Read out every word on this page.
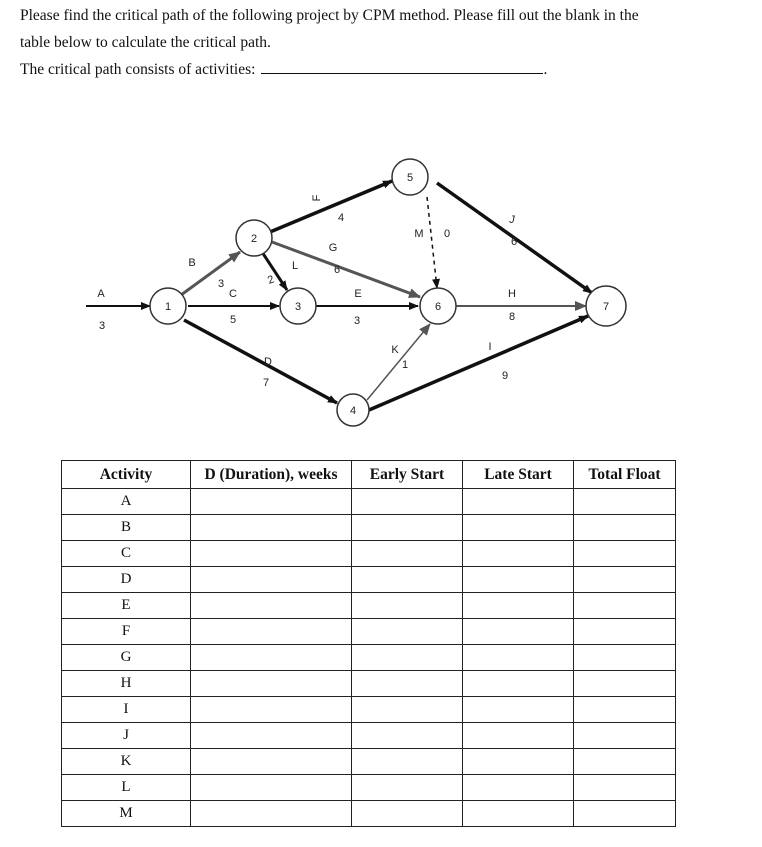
Please find the critical path of the following project by CPM method. Please fill out the blank in the

table below to calculate the critical path.

The critical path consists of activities:	.

A
3
B
3
C
5
D
7
F
4
G
6
L
2
E
3
M 0
K
1
J
6
H
8
I
9
1
2
3
4
5
6	7
Activity	D (Duration), weeks	Early Start	Late Start	Total Float
A				
B				
C				
D				
E				
F				
G				
H				
I				
J				
K				
L				
M				
